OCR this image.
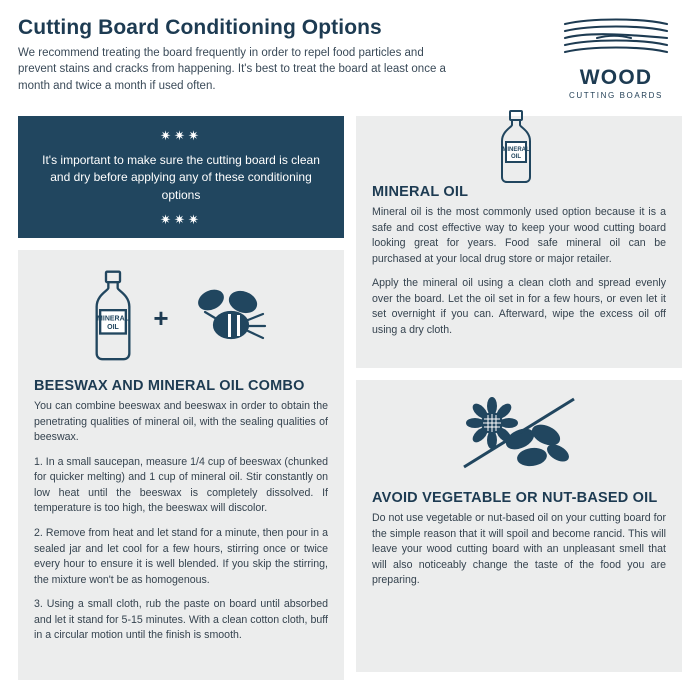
Cutting Board Conditioning Options

We recommend treating the board frequently in order to repel food particles and prevent stains and cracks from happening. It's best to treat the board at least once a month and twice a month if used often.	WOOD
CUTTING BOARDS
MINERAL
OIL
✷✷✷

It's important to make sure the cutting board is clean and dry before applying any of these conditioning options

✷✷✷
MINERAL
OIL +
BEESWAX AND MINERAL OIL COMBO

You can combine beeswax and beeswax in order to obtain the penetrating qualities of mineral oil, with the sealing qualities of beeswax.

1. In a small saucepan, measure 1/4 cup of beeswax (chunked for quicker melting) and 1 cup of mineral oil. Stir constantly on low heat until the beeswax is completely dissolved. If temperature is too high, the beeswax will discolor.

2. Remove from heat and let stand for a minute, then pour in a sealed jar and let cool for a few hours, stirring once or twice every hour to ensure it is well blended. If you skip the stirring, the mixture won't be as homogenous.

3. Using a small cloth, rub the paste on board until absorbed and let it stand for 5-15 minutes. With a clean cotton cloth, buff in a circular motion until the finish is smooth.

MINERAL OIL

Mineral oil is the most commonly used option because it is a safe and cost effective way to keep your wood cutting board looking great for years. Food safe mineral oil can be purchased at your local drug store or major retailer.

Apply the mineral oil using a clean cloth and spread evenly over the board. Let the oil set in for a few hours, or even let it set overnight if you can. Afterward, wipe the excess oil off using a dry cloth.

AVOID VEGETABLE OR NUT-BASED OIL

Do not use vegetable or nut-based oil on your cutting board for the simple reason that it will spoil and become rancid. This will leave your wood cutting board with an unpleasant smell that will also noticeably change the taste of the food you are preparing.
